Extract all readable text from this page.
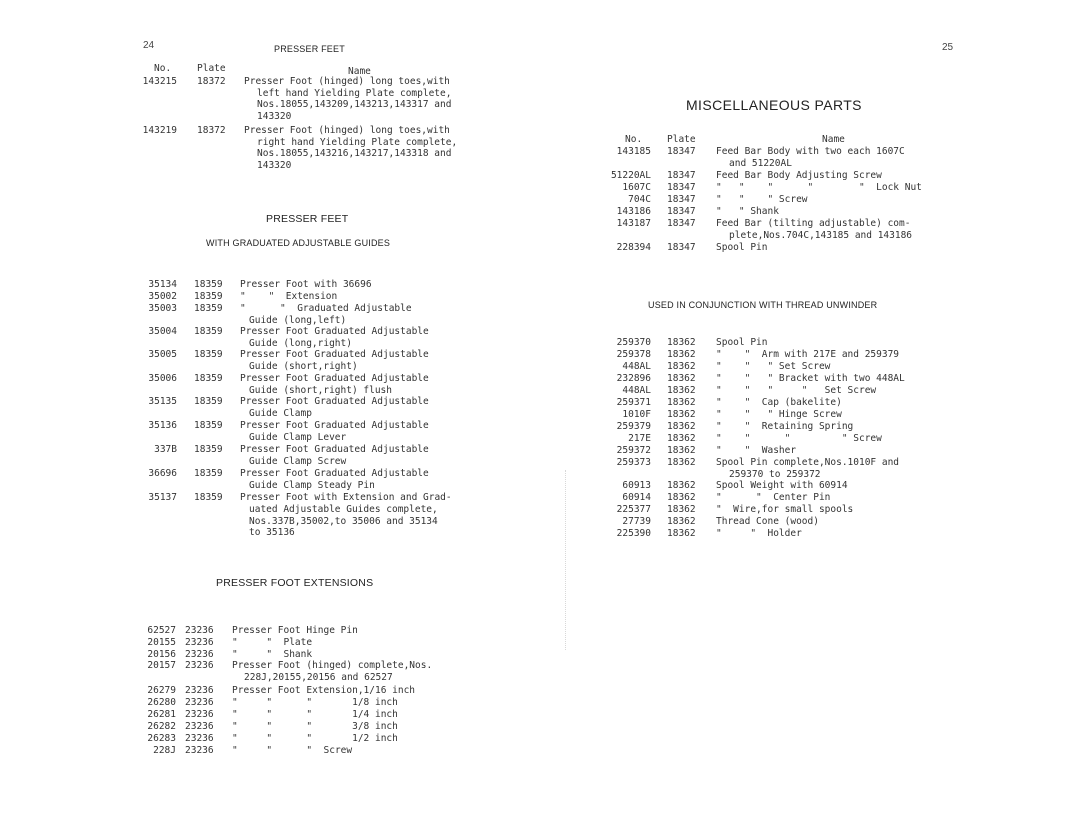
24	PRESSER FEET
No.	Plate	Name
143215 18372 Presser Foot (hinged) long toes,with
left hand Yielding Plate complete,
Nos.18055,143209,143213,143317 and
143320
143219 18372 Presser Foot (hinged) long toes,with
right hand Yielding Plate complete,
Nos.18055,143216,143217,143318 and
143320
PRESSER FEET
WITH GRADUATED ADJUSTABLE GUIDES
35134 18359 Presser Foot with 36696
35002 18359 "    "  Extension
35003 18359 "      "  Graduated Adjustable
Guide (long,left)
35004 18359 Presser Foot Graduated Adjustable
Guide (long,right)
35005 18359 Presser Foot Graduated Adjustable
Guide (short,right)
35006 18359 Presser Foot Graduated Adjustable
Guide (short,right) flush
35135 18359 Presser Foot Graduated Adjustable
Guide Clamp
35136 18359 Presser Foot Graduated Adjustable
Guide Clamp Lever
337B 18359 Presser Foot Graduated Adjustable
Guide Clamp Screw
36696 18359 Presser Foot Graduated Adjustable
Guide Clamp Steady Pin
35137 18359 Presser Foot with Extension and Grad-
uated Adjustable Guides complete,
Nos.337B,35002,to 35006 and 35134
to 35136
PRESSER FOOT EXTENSIONS
62527 23236 Presser Foot Hinge Pin
20155 23236 "     "  Plate
20156 23236 "     "  Shank
20157 23236 Presser Foot (hinged) complete,Nos.
228J,20155,20156 and 62527
26279 23236 Presser Foot Extension,1/16 inch
26280 23236 "     "      "       1/8 inch
26281 23236 "     "      "       1/4 inch
26282 23236 "     "      "       3/8 inch
26283 23236 "     "      "       1/2 inch
228J 23236 "     "      "  Screw
25
MISCELLANEOUS PARTS
No.	Plate	Name
143185 18347 Feed Bar Body with two each 1607C
and 51220AL
51220AL 18347 Feed Bar Body Adjusting Screw
1607C 18347 "   "    "      "        "  Lock Nut
704C 18347 "   "    " Screw
143186 18347 "   " Shank
143187 18347 Feed Bar (tilting adjustable) com-
plete,Nos.704C,143185 and 143186
228394 18347 Spool Pin
USED IN CONJUNCTION WITH THREAD UNWINDER
259370 18362 Spool Pin
259378 18362 "    "  Arm with 217E and 259379
448AL 18362 "    "   " Set Screw
232896 18362 "    "   " Bracket with two 448AL
448AL 18362 "    "   "     "   Set Screw
259371 18362 "    "  Cap (bakelite)
1010F 18362 "    "   " Hinge Screw
259379 18362 "    "  Retaining Spring
217E 18362 "    "      "         " Screw
259372 18362 "    "  Washer
259373 18362 Spool Pin complete,Nos.1010F and
259370 to 259372
60913 18362 Spool Weight with 60914
60914 18362 "      "  Center Pin
225377 18362 "  Wire,for small spools
27739 18362 Thread Cone (wood)
225390 18362 "     "  Holder
